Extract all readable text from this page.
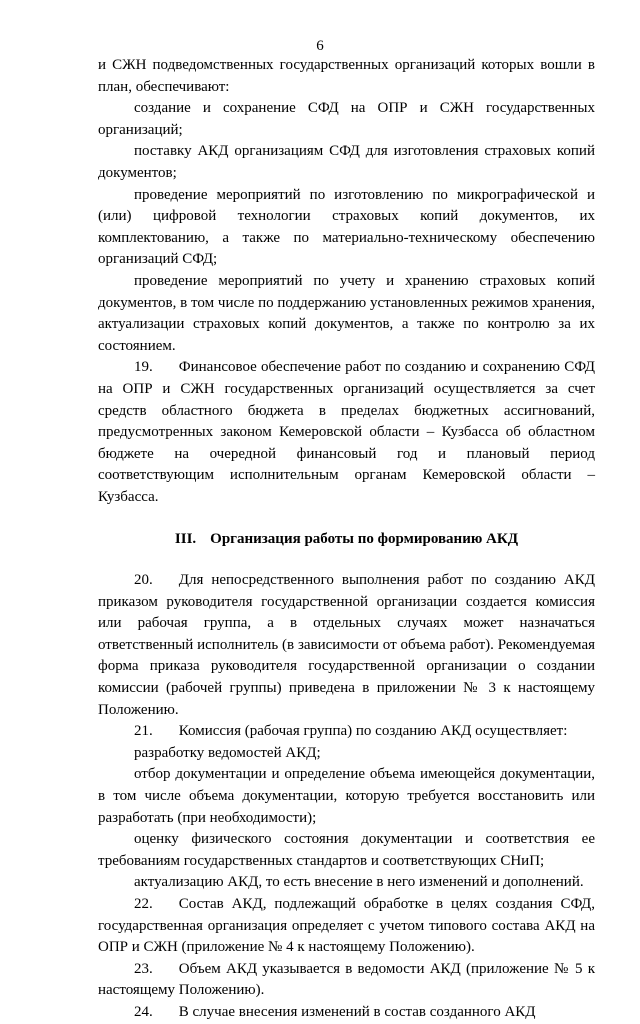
6

и СЖН подведомственных государственных организаций которых вошли в план, обеспечивают:

создание и сохранение СФД на ОПР и СЖН государственных организаций;

поставку АКД организациям СФД для изготовления страховых копий документов;

проведение мероприятий по изготовлению по микрографической и (или) цифровой технологии страховых копий документов, их комплектованию, а также по материально-техническому обеспечению организаций СФД;

проведение мероприятий по учету и хранению страховых копий документов, в том числе по поддержанию установленных режимов хранения, актуализации страховых копий документов, а также по контролю за их состоянием.

19. Финансовое обеспечение работ по созданию и сохранению СФД на ОПР и СЖН государственных организаций осуществляется за счет средств областного бюджета в пределах бюджетных ассигнований, предусмотренных законом Кемеровской области – Кузбасса об областном бюджете на очередной финансовый год и плановый период соответствующим исполнительным органам Кемеровской области – Кузбасса.

III. Организация работы по формированию АКД

20. Для непосредственного выполнения работ по созданию АКД приказом руководителя государственной организации создается комиссия или рабочая группа, а в отдельных случаях может назначаться ответственный исполнитель (в зависимости от объема работ). Рекомендуемая форма приказа руководителя государственной организации о создании комиссии (рабочей группы) приведена в приложении № 3 к настоящему Положению.

21. Комиссия (рабочая группа) по созданию АКД осуществляет:

разработку ведомостей АКД;

отбор документации и определение объема имеющейся документации, в том числе объема документации, которую требуется восстановить или разработать (при необходимости);

оценку физического состояния документации и соответствия ее требованиям государственных стандартов и соответствующих СНиП;

актуализацию АКД, то есть внесение в него изменений и дополнений.

22. Состав АКД, подлежащий обработке в целях создания СФД, государственная организация определяет с учетом типового состава АКД на ОПР и СЖН (приложение № 4 к настоящему Положению).

23. Объем АКД указывается в ведомости АКД (приложение № 5 к настоящему Положению).

24. В случае внесения изменений в состав созданного АКД
